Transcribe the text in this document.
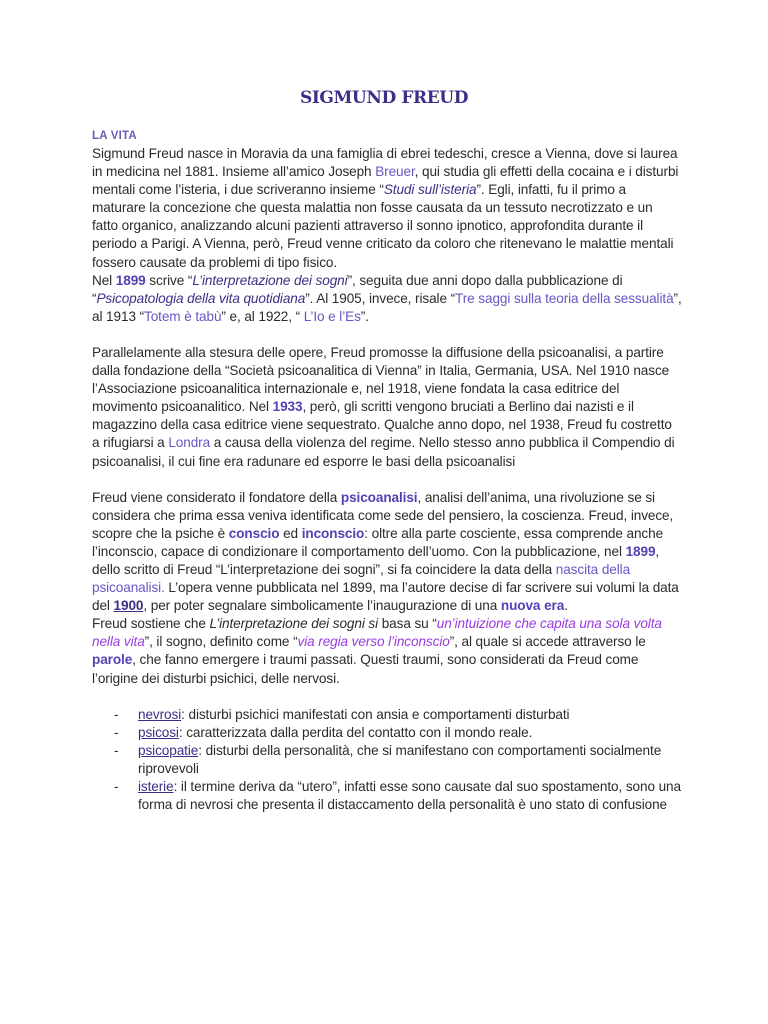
SIGMUND FREUD
LA VITA

Sigmund Freud nasce in Moravia da una famiglia di ebrei tedeschi, cresce a Vienna, dove si laurea in medicina nel 1881. Insieme all’amico Joseph Breuer, qui studia gli effetti della cocaina e i disturbi mentali come l’isteria, i due scriveranno insieme “Studi sull’isteria”. Egli, infatti, fu il primo a maturare la concezione che questa malattia non fosse causata da un tessuto necrotizzato e un fatto organico, analizzando alcuni pazienti attraverso il sonno ipnotico, approfondita durante il periodo a Parigi. A Vienna, però, Freud venne criticato da coloro che ritenevano le malattie mentali fossero causate da problemi di tipo fisico.

Nel 1899 scrive “L’interpretazione dei sogni”, seguita due anni dopo dalla pubblicazione di “Psicopatologia della vita quotidiana”. Al 1905, invece, risale “Tre saggi sulla teoria della sessualità”, al 1913 “Totem è tabù” e, al 1922, “ L’Io e l’Es”.

Parallelamente alla stesura delle opere, Freud promosse la diffusione della psicoanalisi, a partire dalla fondazione della “Società psicoanalitica di Vienna” in Italia, Germania, USA. Nel 1910 nasce l’Associazione psicoanalitica internazionale e, nel 1918, viene fondata la casa editrice del movimento psicoanalitico. Nel 1933, però, gli scritti vengono bruciati a Berlino dai nazisti e il magazzino della casa editrice viene sequestrato. Qualche anno dopo, nel 1938, Freud fu costretto a rifugiarsi a Londra a causa della violenza del regime. Nello stesso anno pubblica il Compendio di psicoanalisi, il cui fine era radunare ed esporre le basi della psicoanalisi

Freud viene considerato il fondatore della psicoanalisi, analisi dell’anima, una rivoluzione se si considera che prima essa veniva identificata come sede del pensiero, la coscienza. Freud, invece, scopre che la psiche è conscio ed inconscio: oltre alla parte cosciente, essa comprende anche l’inconscio, capace di condizionare il comportamento dell’uomo. Con la pubblicazione, nel 1899, dello scritto di Freud “L’interpretazione dei sogni”, si fa coincidere la data della nascita della psicoanalisi. L’opera venne pubblicata nel 1899, ma l’autore decise di far scrivere sui volumi la data del 1900, per poter segnalare simbolicamente l’inaugurazione di una nuova era.

Freud sostiene che L’interpretazione dei sogni si basa su “un’intuizione che capita una sola volta nella vita”, il sogno, definito come “via regia verso l’inconscio”, al quale si accede attraverso le parole, che fanno emergere i traumi passati. Questi traumi, sono considerati da Freud come l’origine dei disturbi psichici, delle nervosi.

- nevrosi: disturbi psichici manifestati con ansia e comportamenti disturbati
- psicosi: caratterizzata dalla perdita del contatto con il mondo reale.
- psicopatie: disturbi della personalità, che si manifestano con comportamenti socialmente riprovevoli
- isterie: il termine deriva da “utero”, infatti esse sono causate dal suo spostamento, sono una forma di nevrosi che presenta il distaccamento della personalità è uno stato di confusione
